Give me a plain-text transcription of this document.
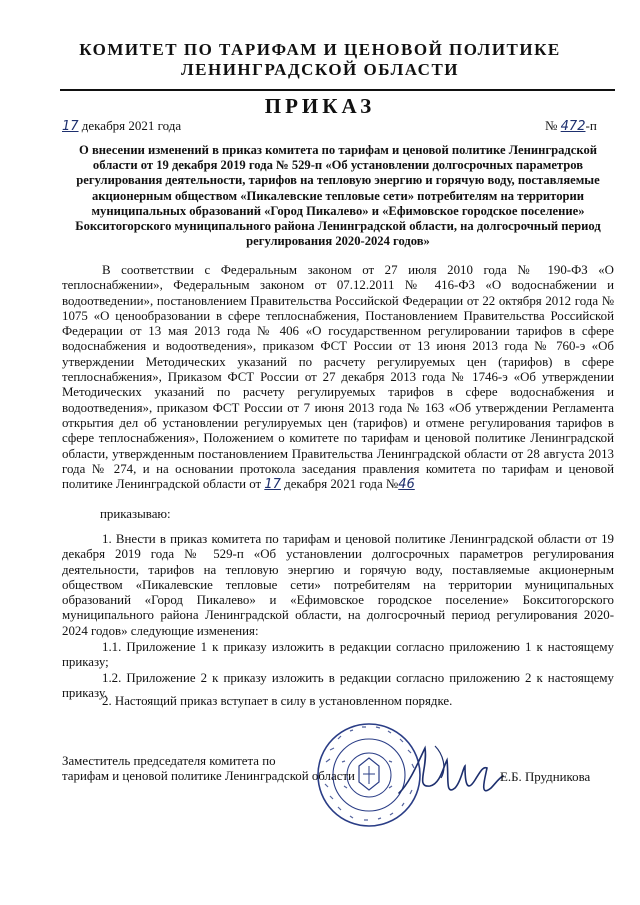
КОМИТЕТ ПО ТАРИФАМ И ЦЕНОВОЙ ПОЛИТИКЕ
ЛЕНИНГРАДСКОЙ ОБЛАСТИ
ПРИКАЗ
17 декабря 2021 года	№ 472-п
О внесении изменений в приказ комитета по тарифам и ценовой политике Ленинградской области от 19 декабря 2019 года № 529-п «Об установлении долгосрочных параметров регулирования деятельности, тарифов на тепловую энергию и горячую воду, поставляемые акционерным обществом «Пикалевские тепловые сети» потребителям на территории муниципальных образований «Город Пикалево» и «Ефимовское городское поселение» Бокситогорского муниципального района Ленинградской области, на долгосрочный период регулирования 2020-2024 годов»
В соответствии с Федеральным законом от 27 июля 2010 года № 190-ФЗ «О теплоснабжении», Федеральным законом от 07.12.2011 № 416-ФЗ «О водоснабжении и водоотведении», постановлением Правительства Российской Федерации от 22 октября 2012 года № 1075 «О ценообразовании в сфере теплоснабжения, Постановлением Правительства Российской Федерации от 13 мая 2013 года № 406 «О государственном регулировании тарифов в сфере водоснабжения и водоотведения», приказом ФСТ России от 13 июня 2013 года № 760-э «Об утверждении Методических указаний по расчету регулируемых цен (тарифов) в сфере теплоснабжения», Приказом ФСТ России от 27 декабря 2013 года № 1746-э «Об утверждении Методических указаний по расчету регулируемых тарифов в сфере водоснабжения и водоотведения», приказом ФСТ России от 7 июня 2013 года № 163 «Об утверждении Регламента открытия дел об установлении регулируемых цен (тарифов) и отмене регулирования тарифов в сфере теплоснабжения», Положением о комитете по тарифам и ценовой политике Ленинградской области, утвержденным постановлением Правительства Ленинградской области от 28 августа 2013 года № 274, и на основании протокола заседания правления комитета по тарифам и ценовой политике Ленинградской области от 17 декабря 2021 года №46
приказываю:
1. Внести в приказ комитета по тарифам и ценовой политике Ленинградской области от 19 декабря 2019 года № 529-п «Об установлении долгосрочных параметров регулирования деятельности, тарифов на тепловую энергию и горячую воду, поставляемые акционерным обществом «Пикалевские тепловые сети» потребителям на территории муниципальных образований «Город Пикалево» и «Ефимовское городское поселение» Бокситогорского муниципального района Ленинградской области, на долгосрочный период регулирования 2020-2024 годов» следующие изменения:
1.1. Приложение 1 к приказу изложить в редакции согласно приложению 1 к настоящему приказу;
1.2. Приложение 2 к приказу изложить в редакции согласно приложению 2 к настоящему приказу.
2. Настоящий приказ вступает в силу в установленном порядке.
Заместитель председателя комитета по
тарифам и ценовой политике Ленинградской области	Е.Б. Прудникова
